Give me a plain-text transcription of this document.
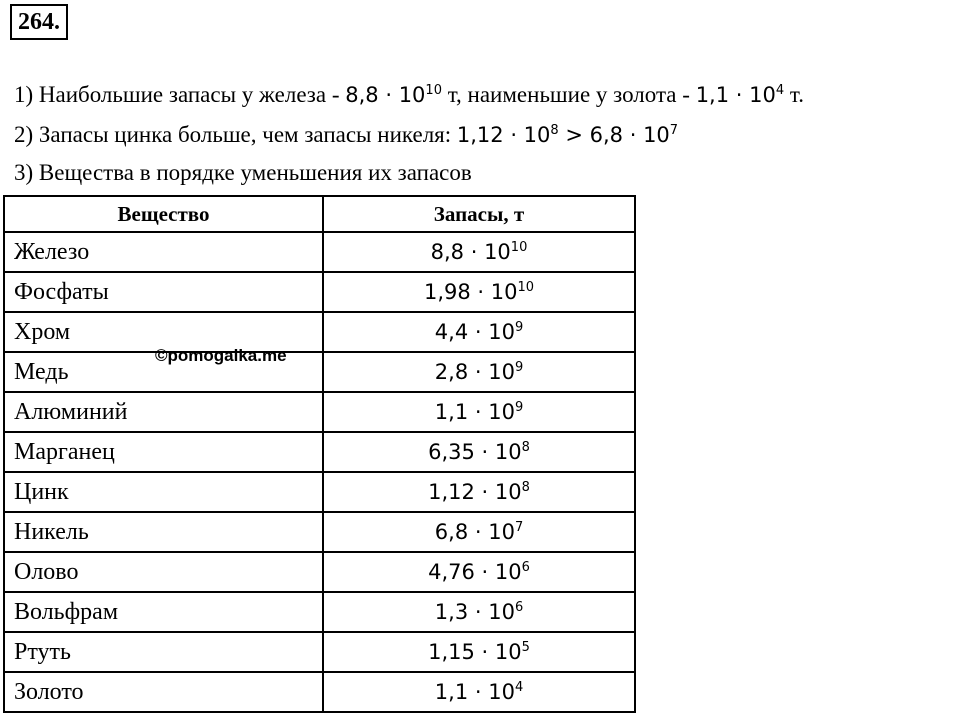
264.
1) Наибольшие запасы у железа - $8,8 \cdot 10^{10}$ т, наименьшие у золота - $1,1 \cdot 10^4$ т.
2) Запасы цинка больше, чем запасы никеля: $1,12 \cdot 10^8 > 6,8 \cdot 10^7$
3) Вещества в порядке уменьшения их запасов
Вещество	Запасы, т
Железо	$8,8 \cdot 10^{10}$
Фосфаты	$1,98 \cdot 10^{10}$
Хром	$4,4 \cdot 10^9$
Медь	$2,8 \cdot 10^9$
Алюминий	$1,1 \cdot 10^9$
Марганец	$6,35 \cdot 10^8$
Цинк	$1,12 \cdot 10^8$
Никель	$6,8 \cdot 10^7$
Олово	$4,76 \cdot 10^6$
Вольфрам	$1,3 \cdot 10^6$
Ртуть	$1,15 \cdot 10^5$
Золото	$1,1 \cdot 10^4$
©pomogalka.me
